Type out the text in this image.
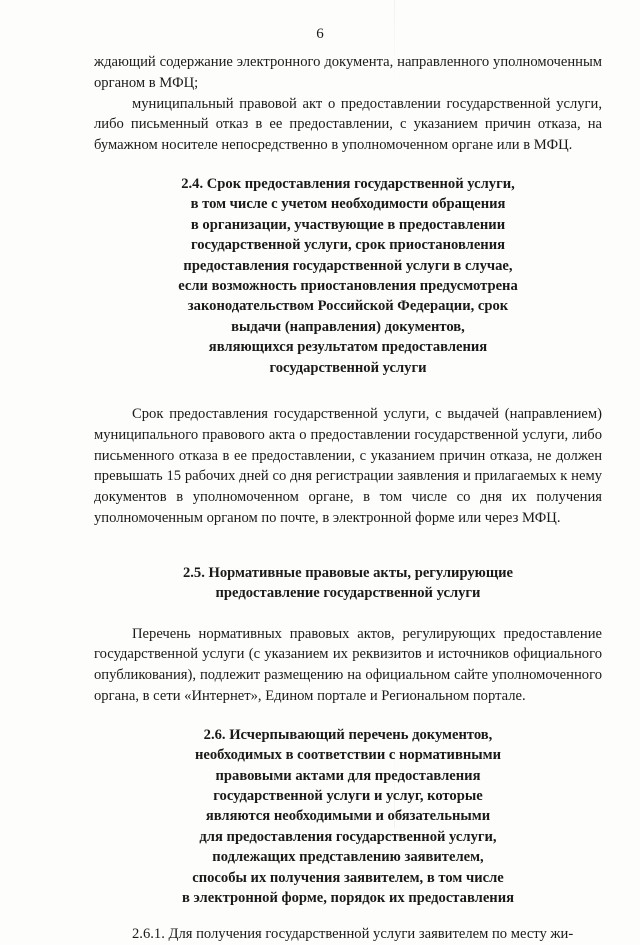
6

ждающий содержание электронного документа, направленного уполномоченным органом в МФЦ;

муниципальный правовой акт о предоставлении государственной услуги, либо письменный отказ в ее предоставлении, с указанием причин отказа, на бумажном носителе непосредственно в уполномоченном органе или в МФЦ.

2.4. Срок предоставления государственной услуги,
в том числе с учетом необходимости обращения
в организации, участвующие в предоставлении
государственной услуги, срок приостановления
предоставления государственной услуги в случае,
если возможность приостановления предусмотрена
законодательством Российской Федерации, срок
выдачи (направления) документов,
являющихся результатом предоставления
государственной услуги

Срок предоставления государственной услуги, с выдачей (направлением) муниципального правового акта о предоставлении государственной услуги, либо письменного отказа в ее предоставлении, с указанием причин отказа, не должен превышать 15 рабочих дней со дня регистрации заявления и прилагаемых к нему документов в уполномоченном органе, в том числе со дня их получения уполномоченным органом по почте, в электронной форме или через МФЦ.

2.5. Нормативные правовые акты, регулирующие
предоставление государственной услуги

Перечень нормативных правовых актов, регулирующих предоставление государственной услуги (с указанием их реквизитов и источников официального опубликования), подлежит размещению на официальном сайте уполномоченного органа, в сети «Интернет», Едином портале и Региональном портале.

2.6. Исчерпывающий перечень документов,
необходимых в соответствии с нормативными
правовыми актами для предоставления
государственной услуги и услуг, которые
являются необходимыми и обязательными
для предоставления государственной услуги,
подлежащих представлению заявителем,
способы их получения заявителем, в том числе
в электронной форме, порядок их предоставления

2.6.1. Для получения государственной услуги заявителем по месту жи-
